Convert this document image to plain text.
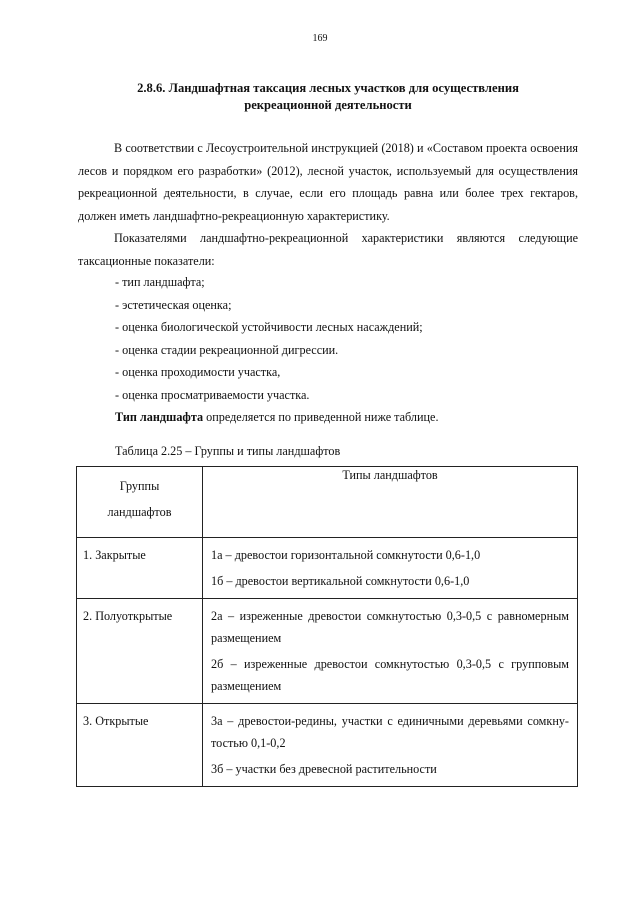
169
2.8.6. Ландшафтная таксация лесных участков для осуществления
рекреационной деятельности
В соответствии с Лесоустроительной инструкцией (2018) и «Составом проекта освоения лесов и порядком его разработки» (2012), лесной участок, используемый для осуществления рекреационной деятельности, в случае, если его площадь равна или более трех гектаров, должен иметь ландшафтно-рекреационную характеристику.
Показателями ландшафтно-рекреационной характеристики являются следующие таксационные показатели:
- тип ландшафта;
- эстетическая оценка;
- оценка биологической устойчивости лесных насаждений;
- оценка стадии рекреационной дигрессии.
- оценка проходимости участка,
- оценка просматриваемости участка.
Тип ландшафта определяется по приведенной ниже таблице.
Таблица 2.25 – Группы и типы ландшафтов
Группы
ландшафтов	Типы ландшафтов
1. Закрытые	1а – древостои горизонтальной сомкнутости 0,6-1,0

1б – древостои вертикальной сомкнутости 0,6-1,0

2. Полуоткрытые	2а – изреженные древостои сомкнутостью 0,3-0,5 с равномерным размещением

2б – изреженные древостои сомкнутостью 0,3-0,5 с групповым размещением

3. Открытые	3а – древостои-редины, участки с единичными деревьями сомкну-тостью 0,1-0,2

3б – участки без древесной растительности
